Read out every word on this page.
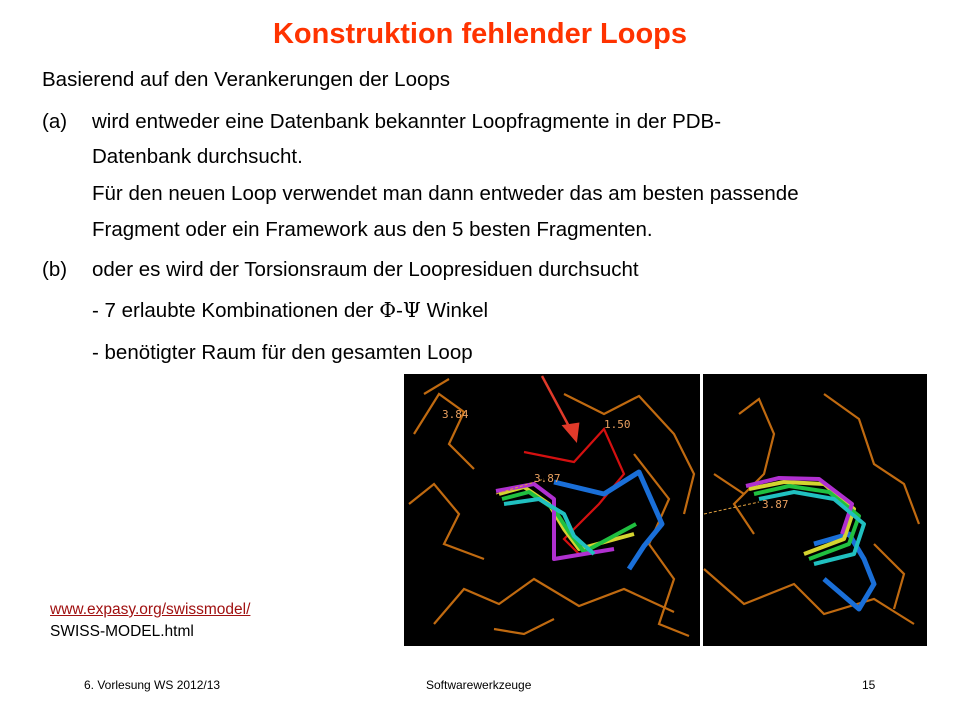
Konstruktion fehlender Loops
Basierend auf den Verankerungen der Loops
(a) wird entweder eine Datenbank bekannter Loopfragmente in der PDB-
Datenbank durchsucht.
Für den neuen Loop verwendet man dann entweder das am besten passende
Fragment oder ein Framework aus den 5 besten Fragmenten.
(b) oder es wird der Torsionsraum der Loopresiduen durchsucht
- 7 erlaubte Kombinationen der Φ-Ψ Winkel
- benötigter Raum für den gesamten Loop
3.84
1.50
3.87
3.87
www.expasy.org/swissmodel/
SWISS-MODEL.html
6. Vorlesung WS 2012/13	Softwarewerkzeuge	15
